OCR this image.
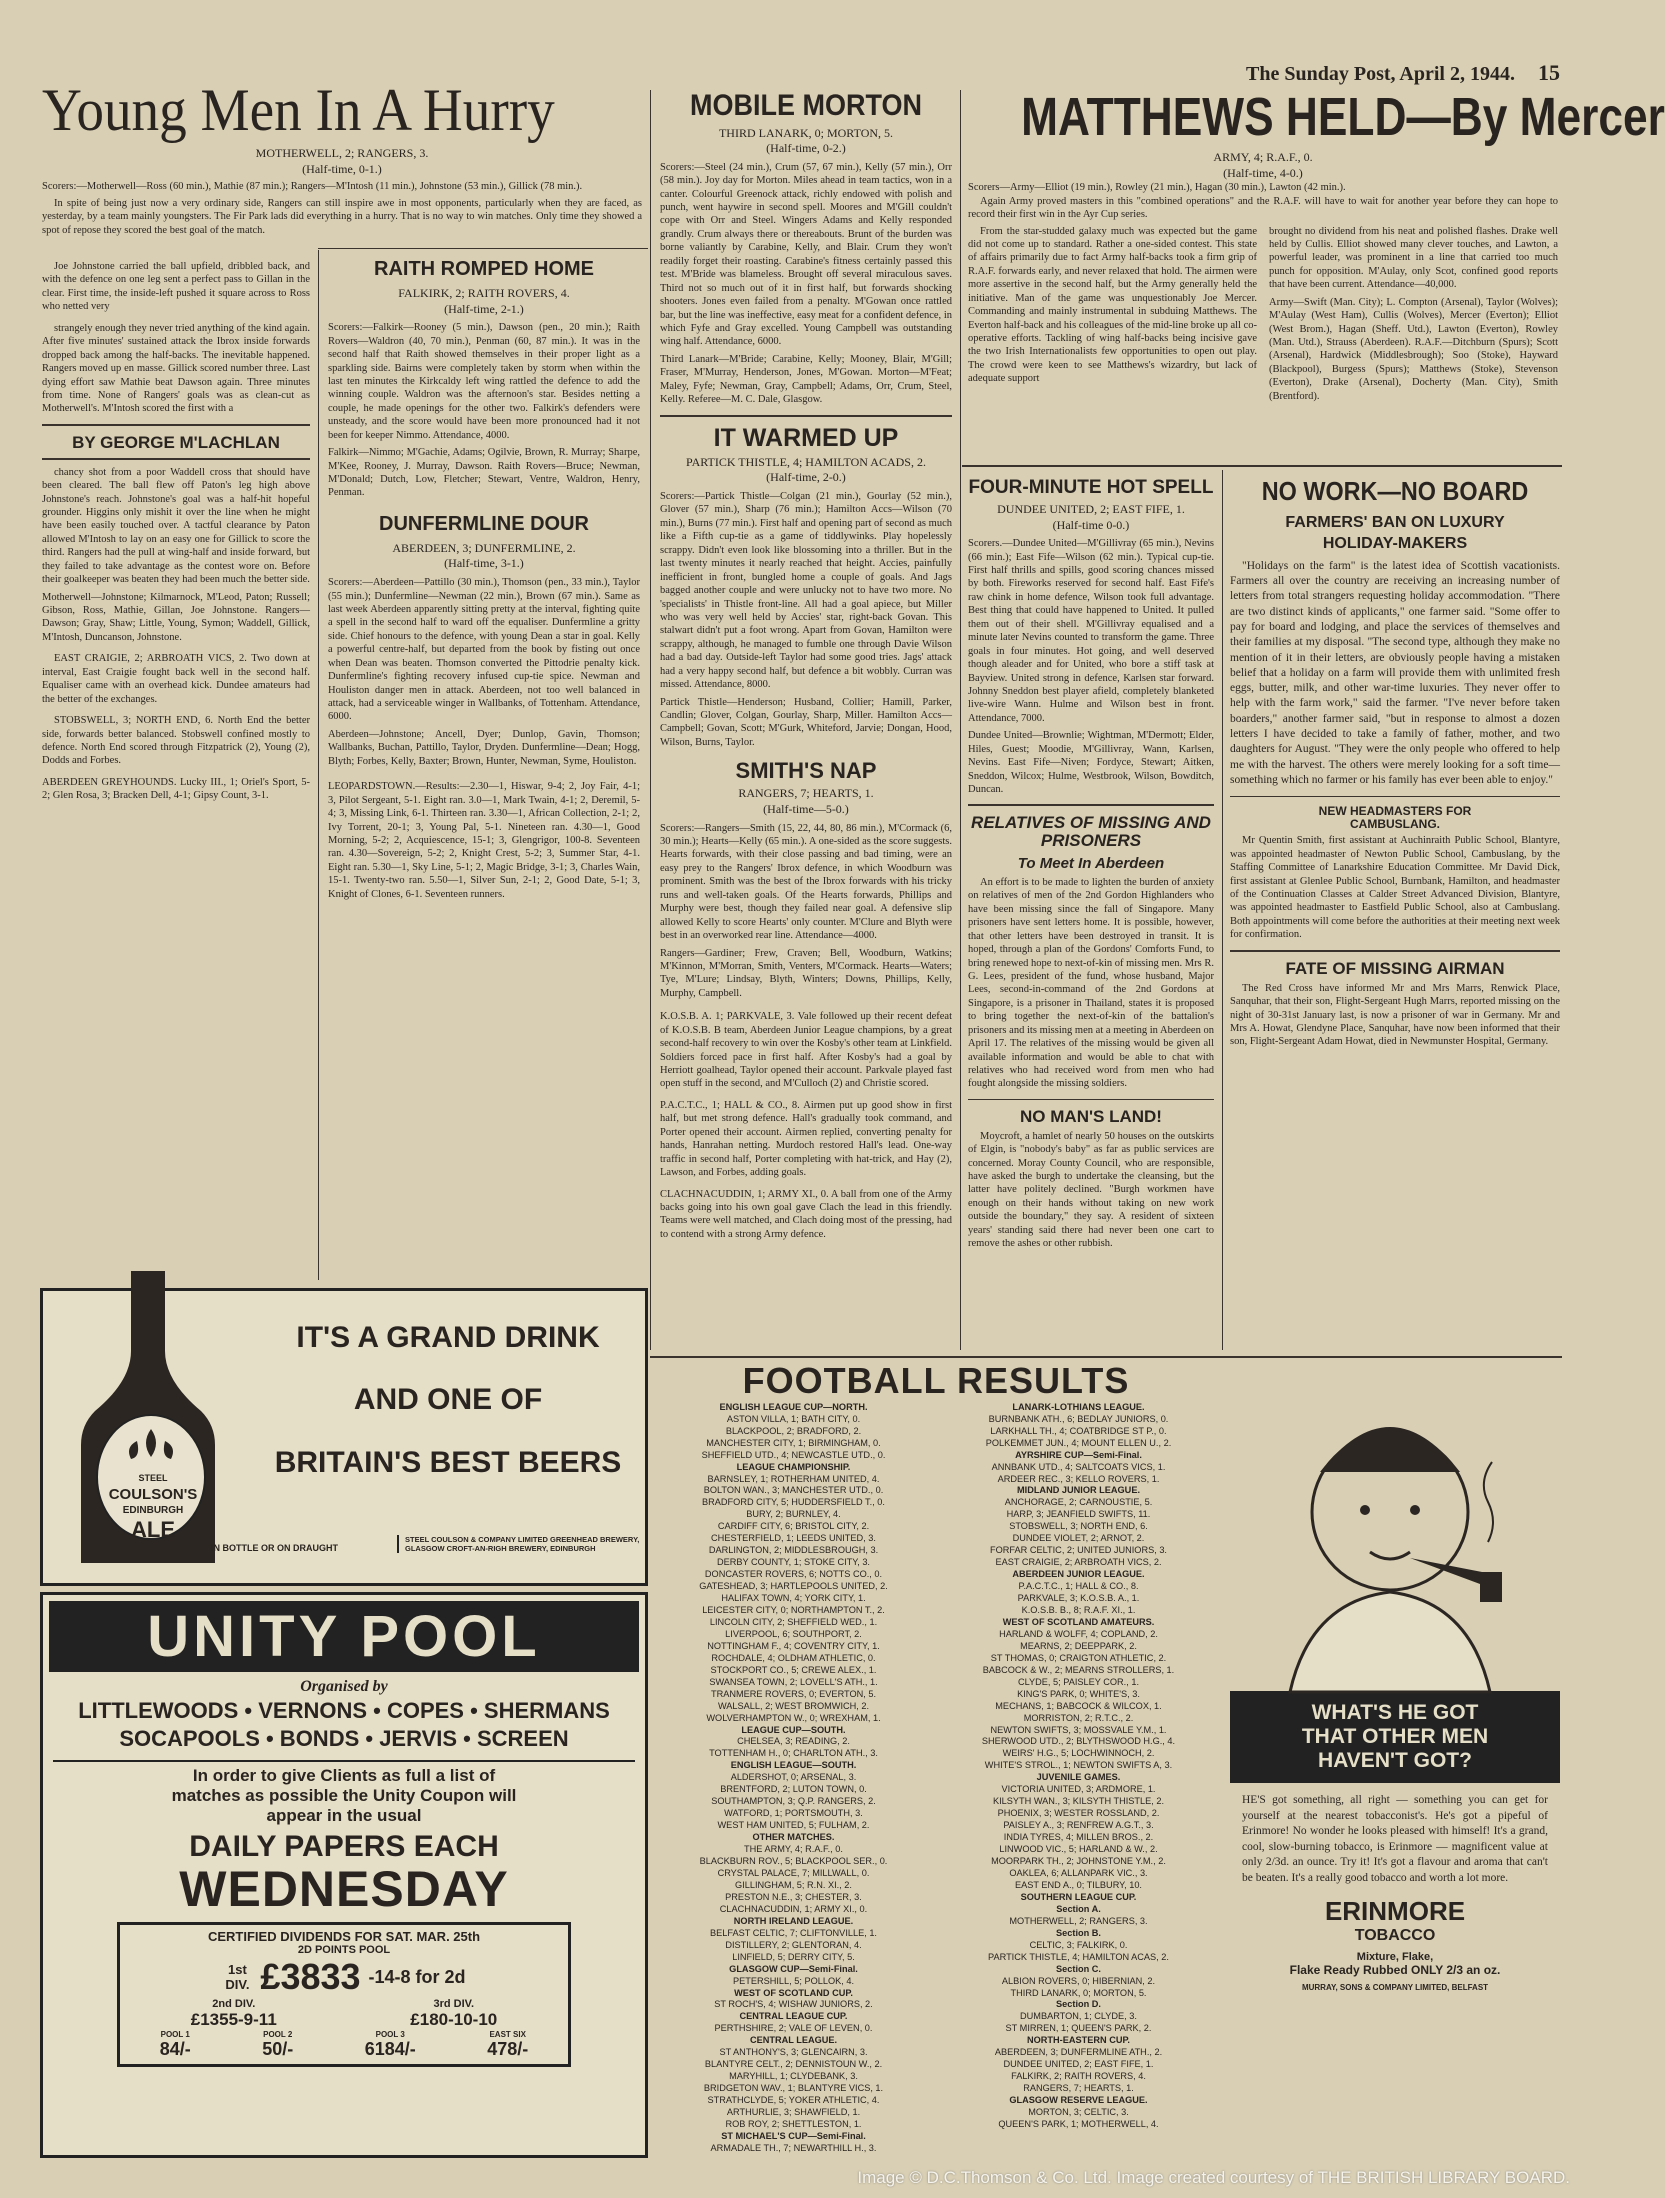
The Sunday Post, April 2, 1944. 15
Young Men In A Hurry
MOTHERWELL, 2; RANGERS, 3.
(Half-time, 0-1.)
Scorers:—Motherwell—Ross (60 min.), Mathie (87 min.); Rangers—M'Intosh (11 min.), Johnstone (53 min.), Gillick (78 min.).
In spite of being just now a very ordinary side, Rangers can still inspire awe in most opponents, particularly when they are faced, as yesterday, by a team mainly youngsters. The Fir Park lads did everything in a hurry. That is no way to win matches. Only time they showed a spot of repose they scored the best goal of the match.
Joe Johnstone carried the ball upfield, dribbled back, and with the defence on one leg sent a perfect pass to Gillan in the clear. First time, the inside-left pushed it square across to Ross who netted very
strangely enough they never tried anything of the kind again. After five minutes' sustained attack the Ibrox inside forwards dropped back among the half-backs. The inevitable happened. Rangers moved up en masse. Gillick scored number three. Last dying effort saw Mathie beat Dawson again. Three minutes from time. None of Rangers' goals was as clean-cut as Motherwell's. M'Intosh scored the first with a
BY GEORGE M'LACHLAN
chancy shot from a poor Waddell cross that should have been cleared. The ball flew off Paton's leg high above Johnstone's reach. Johnstone's goal was a half-hit hopeful grounder. Higgins only mishit it over the line when he might have been easily touched over. A tactful clearance by Paton allowed M'Intosh to lay on an easy one for Gillick to score the third. Rangers had the pull at wing-half and inside forward, but they failed to take advantage as the contest wore on. Before their goalkeeper was beaten they had been much the better side.
Motherwell—Johnstone; Kilmarnock, M'Leod, Paton; Russell; Gibson, Ross, Mathie, Gillan, Joe Johnstone. Rangers—Dawson; Gray, Shaw; Little, Young, Symon; Waddell, Gillick, M'Intosh, Duncanson, Johnstone.
EAST CRAIGIE, 2; ARBROATH VICS, 2. Two down at interval, East Craigie fought back well in the second half. Equaliser came with an overhead kick. Dundee amateurs had the better of the exchanges.
STOBSWELL, 3; NORTH END, 6. North End the better side, forwards better balanced. Stobswell confined mostly to defence. North End scored through Fitzpatrick (2), Young (2), Dodds and Forbes.
ABERDEEN GREYHOUNDS. Lucky III., 1; Oriel's Sport, 5-2; Glen Rosa, 3; Bracken Dell, 4-1; Gipsy Count, 3-1.
RAITH ROMPED HOME
FALKIRK, 2; RAITH ROVERS, 4.
(Half-time, 2-1.)
Scorers:—Falkirk—Rooney (5 min.), Dawson (pen., 20 min.); Raith Rovers—Waldron (40, 70 min.), Penman (60, 87 min.). It was in the second half that Raith showed themselves in their proper light as a sparkling side. Bairns were completely taken by storm when within the last ten minutes the Kirkcaldy left wing rattled the defence to add the winning couple. Waldron was the afternoon's star. Besides netting a couple, he made openings for the other two. Falkirk's defenders were unsteady, and the score would have been more pronounced had it not been for keeper Nimmo. Attendance, 4000.
Falkirk—Nimmo; M'Gachie, Adams; Ogilvie, Brown, R. Murray; Sharpe, M'Kee, Rooney, J. Murray, Dawson. Raith Rovers—Bruce; Newman, M'Donald; Dutch, Low, Fletcher; Stewart, Ventre, Waldron, Henry, Penman.
DUNFERMLINE DOUR
ABERDEEN, 3; DUNFERMLINE, 2.
(Half-time, 3-1.)
Scorers:—Aberdeen—Pattillo (30 min.), Thomson (pen., 33 min.), Taylor (55 min.); Dunfermline—Newman (22 min.), Brown (67 min.). Same as last week Aberdeen apparently sitting pretty at the interval, fighting quite a spell in the second half to ward off the equaliser. Dunfermline a gritty side. Chief honours to the defence, with young Dean a star in goal. Kelly a powerful centre-half, but departed from the book by fisting out once when Dean was beaten. Thomson converted the Pittodrie penalty kick. Dunfermline's fighting recovery infused cup-tie spice. Newman and Houliston danger men in attack. Aberdeen, not too well balanced in attack, had a serviceable winger in Wallbanks, of Tottenham. Attendance, 6000.
Aberdeen—Johnstone; Ancell, Dyer; Dunlop, Gavin, Thomson; Wallbanks, Buchan, Pattillo, Taylor, Dryden. Dunfermline—Dean; Hogg, Blyth; Forbes, Kelly, Baxter; Brown, Hunter, Newman, Syme, Houliston.
LEOPARDSTOWN.—Results:—2.30—1, Hiswar, 9-4; 2, Joy Fair, 4-1; 3, Pilot Sergeant, 5-1. Eight ran. 3.0—1, Mark Twain, 4-1; 2, Deremil, 5-4; 3, Missing Link, 6-1. Thirteen ran. 3.30—1, African Collection, 2-1; 2, Ivy Torrent, 20-1; 3, Young Pal, 5-1. Nineteen ran. 4.30—1, Good Morning, 5-2; 2, Acquiescence, 15-1; 3, Glengrigor, 100-8. Seventeen ran. 4.30—Sovereign, 5-2; 2, Knight Crest, 5-2; 3, Summer Star, 4-1. Eight ran. 5.30—1, Sky Line, 5-1; 2, Magic Bridge, 3-1; 3, Charles Wain, 15-1. Twenty-two ran. 5.50—1, Silver Sun, 2-1; 2, Good Date, 5-1; 3, Knight of Clones, 6-1. Seventeen runners.
MOBILE MORTON
THIRD LANARK, 0; MORTON, 5.
(Half-time, 0-2.)
Scorers:—Steel (24 min.), Crum (57, 67 min.), Kelly (57 min.), Orr (58 min.). Joy day for Morton. Miles ahead in team tactics, won in a canter. Colourful Greenock attack, richly endowed with polish and punch, went haywire in second spell. Moores and M'Gill couldn't cope with Orr and Steel. Wingers Adams and Kelly responded grandly. Crum always there or thereabouts. Brunt of the burden was borne valiantly by Carabine, Kelly, and Blair. Crum they won't readily forget their roasting. Carabine's fitness certainly passed this test. M'Bride was blameless. Brought off several miraculous saves. Third not so much out of it in first half, but forwards shocking shooters. Jones even failed from a penalty. M'Gowan once rattled bar, but the line was ineffective, easy meat for a confident defence, in which Fyfe and Gray excelled. Young Campbell was outstanding wing half. Attendance, 6000.
Third Lanark—M'Bride; Carabine, Kelly; Mooney, Blair, M'Gill; Fraser, M'Murray, Henderson, Jones, M'Gowan. Morton—M'Feat; Maley, Fyfe; Newman, Gray, Campbell; Adams, Orr, Crum, Steel, Kelly. Referee—M. C. Dale, Glasgow.
IT WARMED UP
PARTICK THISTLE, 4; HAMILTON ACADS, 2.
(Half-time, 2-0.)
Scorers:—Partick Thistle—Colgan (21 min.), Gourlay (52 min.), Glover (57 min.), Sharp (76 min.); Hamilton Accs—Wilson (70 min.), Burns (77 min.). First half and opening part of second as much like a Fifth cup-tie as a game of tiddlywinks. Play hopelessly scrappy. Didn't even look like blossoming into a thriller. But in the last twenty minutes it nearly reached that height. Accies, painfully inefficient in front, bungled home a couple of goals. And Jags bagged another couple and were unlucky not to have two more. No 'specialists' in Thistle front-line. All had a goal apiece, but Miller who was very well held by Accies' star, right-back Govan. This stalwart didn't put a foot wrong. Apart from Govan, Hamilton were scrappy, although, he managed to fumble one through Davie Wilson had a bad day. Outside-left Taylor had some good tries. Jags' attack had a very happy second half, but defence a bit wobbly. Curran was missed. Attendance, 8000.
Partick Thistle—Henderson; Husband, Collier; Hamill, Parker, Candlin; Glover, Colgan, Gourlay, Sharp, Miller. Hamilton Accs—Campbell; Govan, Scott; M'Gurk, Whiteford, Jarvie; Dongan, Hood, Wilson, Burns, Taylor.
SMITH'S NAP
RANGERS, 7; HEARTS, 1.
(Half-time—5-0.)
Scorers:—Rangers—Smith (15, 22, 44, 80, 86 min.), M'Cormack (6, 30 min.); Hearts—Kelly (65 min.). A one-sided as the score suggests. Hearts forwards, with their close passing and bad timing, were an easy prey to the Rangers' Ibrox defence, in which Woodburn was prominent. Smith was the best of the Ibrox forwards with his tricky runs and well-taken goals. Of the Hearts forwards, Phillips and Murphy were best, though they failed near goal. A defensive slip allowed Kelly to score Hearts' only counter. M'Clure and Blyth were best in an overworked rear line. Attendance—4000.
Rangers—Gardiner; Frew, Craven; Bell, Woodburn, Watkins; M'Kinnon, M'Morran, Smith, Venters, M'Cormack. Hearts—Waters; Tye, M'Lure; Lindsay, Blyth, Winters; Downs, Phillips, Kelly, Murphy, Campbell.
K.O.S.B. A. 1; PARKVALE, 3. Vale followed up their recent defeat of K.O.S.B. B team, Aberdeen Junior League champions, by a great second-half recovery to win over the Kosby's other team at Linkfield. Soldiers forced pace in first half. After Kosby's had a goal by Herriott goalhead, Taylor opened their account. Parkvale played fast open stuff in the second, and M'Culloch (2) and Christie scored.
P.A.C.T.C., 1; HALL & CO., 8. Airmen put up good show in first half, but met strong defence. Hall's gradually took command, and Porter opened their account. Airmen replied, converting penalty for hands, Hanrahan netting. Murdoch restored Hall's lead. One-way traffic in second half, Porter completing with hat-trick, and Hay (2), Lawson, and Forbes, adding goals.
CLACHNACUDDIN, 1; ARMY XI., 0. A ball from one of the Army backs going into his own goal gave Clach the lead in this friendly. Teams were well matched, and Clach doing most of the pressing, had to contend with a strong Army defence.
MATTHEWS HELD—By Mercer
ARMY, 4; R.A.F., 0.
(Half-time, 4-0.)
Scorers—Army—Elliot (19 min.), Rowley (21 min.), Hagan (30 min.), Lawton (42 min.).
Again Army proved masters in this "combined operations" and the R.A.F. will have to wait for another year before they can hope to record their first win in the Ayr Cup series.
From the star-studded galaxy much was expected but the game did not come up to standard. Rather a one-sided contest. This state of affairs primarily due to fact Army half-backs took a firm grip of R.A.F. forwards early, and never relaxed that hold. The airmen were more assertive in the second half, but the Army generally held the initiative. Man of the game was unquestionably Joe Mercer. Commanding and mainly instrumental in subduing Matthews. The Everton half-back and his colleagues of the mid-line broke up all co-operative efforts. Tackling of wing half-backs being incisive gave the two Irish Internationalists few opportunities to open out play. The crowd were keen to see Matthews's wizardry, but lack of adequate support
brought no dividend from his neat and polished flashes. Drake well held by Cullis. Elliot showed many clever touches, and Lawton, a powerful leader, was prominent in a line that carried too much punch for opposition. M'Aulay, only Scot, confined good reports that have been current. Attendance—40,000.
Army—Swift (Man. City); L. Compton (Arsenal), Taylor (Wolves); M'Aulay (West Ham), Cullis (Wolves), Mercer (Everton); Elliot (West Brom.), Hagan (Sheff. Utd.), Lawton (Everton), Rowley (Man. Utd.), Strauss (Aberdeen). R.A.F.—Ditchburn (Spurs); Scott (Arsenal), Hardwick (Middlesbrough); Soo (Stoke), Hayward (Blackpool), Burgess (Spurs); Matthews (Stoke), Stevenson (Everton), Drake (Arsenal), Docherty (Man. City), Smith (Brentford).
FOUR-MINUTE HOT SPELL
DUNDEE UNITED, 2; EAST FIFE, 1.
(Half-time 0-0.)
Scorers.—Dundee United—M'Gillivray (65 min.), Nevins (66 min.); East Fife—Wilson (62 min.). Typical cup-tie. First half thrills and spills, good scoring chances missed by both. Fireworks reserved for second half. East Fife's raw chink in home defence, Wilson took full advantage. Best thing that could have happened to United. It pulled them out of their shell. M'Gillivray equalised and a minute later Nevins counted to transform the game. Three goals in four minutes. Hot going, and well deserved though aleader and for United, who bore a stiff task at Bayview. United strong in defence, Karlsen star forward. Johnny Sneddon best player afield, completely blanketed live-wire Wann. Hulme and Wilson best in front. Attendance, 7000.
Dundee United—Brownlie; Wightman, M'Dermott; Elder, Hiles, Guest; Moodie, M'Gillivray, Wann, Karlsen, Nevins. East Fife—Niven; Fordyce, Stewart; Aitken, Sneddon, Wilcox; Hulme, Westbrook, Wilson, Bowditch, Duncan.
RELATIVES OF MISSING AND
PRISONERS
To Meet In Aberdeen
An effort is to be made to lighten the burden of anxiety on relatives of men of the 2nd Gordon Highlanders who have been missing since the fall of Singapore. Many prisoners have sent letters home. It is possible, however, that other letters have been destroyed in transit. It is hoped, through a plan of the Gordons' Comforts Fund, to bring renewed hope to next-of-kin of missing men. Mrs R. G. Lees, president of the fund, whose husband, Major Lees, second-in-command of the 2nd Gordons at Singapore, is a prisoner in Thailand, states it is proposed to bring together the next-of-kin of the battalion's prisoners and its missing men at a meeting in Aberdeen on April 17. The relatives of the missing would be given all available information and would be able to chat with relatives who had received word from men who had fought alongside the missing soldiers.
NO MAN'S LAND!
Moycroft, a hamlet of nearly 50 houses on the outskirts of Elgin, is "nobody's baby" as far as public services are concerned. Moray County Council, who are responsible, have asked the burgh to undertake the cleansing, but the latter have politely declined. "Burgh workmen have enough on their hands without taking on new work outside the boundary," they say. A resident of sixteen years' standing said there had never been one cart to remove the ashes or other rubbish.
NO WORK—NO BOARD
FARMERS' BAN ON LUXURY
HOLIDAY-MAKERS
"Holidays on the farm" is the latest idea of Scottish vacationists. Farmers all over the country are receiving an increasing number of letters from total strangers requesting holiday accommodation. "There are two distinct kinds of applicants," one farmer said. "Some offer to pay for board and lodging, and place the services of themselves and their families at my disposal. "The second type, although they make no mention of it in their letters, are obviously people having a mistaken belief that a holiday on a farm will provide them with unlimited fresh eggs, butter, milk, and other war-time luxuries. They never offer to help with the farm work," said the farmer. "I've never before taken boarders," another farmer said, "but in response to almost a dozen letters I have decided to take a family of father, mother, and two daughters for August. "They were the only people who offered to help me with the harvest. The others were merely looking for a soft time—something which no farmer or his family has ever been able to enjoy."
NEW HEADMASTERS FOR
CAMBUSLANG.
Mr Quentin Smith, first assistant at Auchinraith Public School, Blantyre, was appointed headmaster of Newton Public School, Cambuslang, by the Staffing Committee of Lanarkshire Education Committee. Mr David Dick, first assistant at Glenlee Public School, Burnbank, Hamilton, and headmaster of the Continuation Classes at Calder Street Advanced Division, Blantyre, was appointed headmaster to Eastfield Public School, also at Cambuslang. Both appointments will come before the authorities at their meeting next week for confirmation.
FATE OF MISSING AIRMAN
The Red Cross have informed Mr and Mrs Marrs, Renwick Place, Sanquhar, that their son, Flight-Sergeant Hugh Marrs, reported missing on the night of 30-31st January last, is now a prisoner of war in Germany. Mr and Mrs A. Howat, Glendyne Place, Sanquhar, have now been informed that their son, Flight-Sergeant Adam Howat, died in Newmunster Hospital, Germany.
STEEL
COULSON'S
EDINBURGH
ALE
IT'S A GRAND DRINK
AND ONE OF
BRITAIN'S BEST BEERS
IN BOTTLE OR ON DRAUGHT
STEEL COULSON & COMPANY LIMITED GREENHEAD BREWERY, GLASGOW CROFT-AN-RIGH BREWERY, EDINBURGH
UNITY POOL
Organised by
LITTLEWOODS • VERNONS • COPES • SHERMANS
SOCAPOOLS • BONDS • JERVIS • SCREEN
In order to give Clients as full a list of
matches as possible the Unity Coupon will
appear in the usual
DAILY PAPERS EACH
WEDNESDAY
CERTIFIED DIVIDENDS FOR SAT. MAR. 25th
2D POINTS POOL
1st DIV. £3833 -14-8 for 2d
2nd DIV.
£1355-9-11
3rd DIV.
£180-10-10
POOL 1
84/-
POOL 2
50/-
POOL 3
6184/-
EAST SIX
478/-
FOOTBALL RESULTS
ENGLISH LEAGUE CUP—NORTH.
ASTON VILLA, 1; BATH CITY, 0.
BLACKPOOL, 2; BRADFORD, 2.
MANCHESTER CITY, 1; BIRMINGHAM, 0.
SHEFFIELD UTD., 4; NEWCASTLE UTD., 0.
LEAGUE CHAMPIONSHIP.
BARNSLEY, 1; ROTHERHAM UNITED, 4.
BOLTON WAN., 3; MANCHESTER UTD., 0.
BRADFORD CITY, 5; HUDDERSFIELD T., 0.
BURY, 2; BURNLEY, 4.
CARDIFF CITY, 6; BRISTOL CITY, 2.
CHESTERFIELD, 1; LEEDS UNITED, 3.
DARLINGTON, 2; MIDDLESBROUGH, 3.
DERBY COUNTY, 1; STOKE CITY, 3.
DONCASTER ROVERS, 6; NOTTS CO., 0.
GATESHEAD, 3; HARTLEPOOLS UNITED, 2.
HALIFAX TOWN, 4; YORK CITY, 1.
LEICESTER CITY, 0; NORTHAMPTON T., 2.
LINCOLN CITY, 2; SHEFFIELD WED., 1.
LIVERPOOL, 6; SOUTHPORT, 2.
NOTTINGHAM F., 4; COVENTRY CITY, 1.
ROCHDALE, 4; OLDHAM ATHLETIC, 0.
STOCKPORT CO., 5; CREWE ALEX., 1.
SWANSEA TOWN, 2; LOVELL'S ATH., 1.
TRANMERE ROVERS, 0; EVERTON, 5.
WALSALL, 2; WEST BROMWICH, 2.
WOLVERHAMPTON W., 0; WREXHAM, 1.
LEAGUE CUP—SOUTH.
CHELSEA, 3; READING, 2.
TOTTENHAM H., 0; CHARLTON ATH., 3.
ENGLISH LEAGUE—SOUTH.
ALDERSHOT, 0; ARSENAL, 3.
BRENTFORD, 2; LUTON TOWN, 0.
SOUTHAMPTON, 3; Q.P. RANGERS, 2.
WATFORD, 1; PORTSMOUTH, 3.
WEST HAM UNITED, 5; FULHAM, 2.
OTHER MATCHES.
THE ARMY, 4; R.A.F., 0.
BLACKBURN ROV., 5; BLACKPOOL SER., 0.
CRYSTAL PALACE, 7; MILLWALL, 0.
GILLINGHAM, 5; R.N. XI., 2.
PRESTON N.E., 3; CHESTER, 3.
CLACHNACUDDIN, 1; ARMY XI., 0.
NORTH IRELAND LEAGUE.
BELFAST CELTIC, 7; CLIFTONVILLE, 1.
DISTILLERY, 2; GLENTORAN, 4.
LINFIELD, 5; DERRY CITY, 5.
GLASGOW CUP—Semi-Final.
PETERSHILL, 5; POLLOK, 4.
WEST OF SCOTLAND CUP.
ST ROCH'S, 4; WISHAW JUNIORS, 2.
CENTRAL LEAGUE CUP.
PERTHSHIRE, 2; VALE OF LEVEN, 0.
CENTRAL LEAGUE.
ST ANTHONY'S, 3; GLENCAIRN, 3.
BLANTYRE CELT., 2; DENNISTOUN W., 2.
MARYHILL, 1; CLYDEBANK, 3.
BRIDGETON WAV., 1; BLANTYRE VICS, 1.
STRATHCLYDE, 5; YOKER ATHLETIC, 4.
ARTHURLIE, 3; SHAWFIELD, 1.
ROB ROY, 2; SHETTLESTON, 1.
ST MICHAEL'S CUP—Semi-Final.
ARMADALE TH., 7; NEWARTHILL H., 3.
LANARK-LOTHIANS LEAGUE.
BURNBANK ATH., 6; BEDLAY JUNIORS, 0.
LARKHALL TH., 4; COATBRIDGE ST P., 0.
POLKEMMET JUN., 4; MOUNT ELLEN U., 2.
AYRSHIRE CUP—Semi-Final.
ANNBANK UTD., 4; SALTCOATS VICS, 1.
ARDEER REC., 3; KELLO ROVERS, 1.
MIDLAND JUNIOR LEAGUE.
ANCHORAGE, 2; CARNOUSTIE, 5.
HARP, 3; JEANFIELD SWIFTS, 11.
STOBSWELL, 3; NORTH END, 6.
DUNDEE VIOLET, 2; ARNOT, 2.
FORFAR CELTIC, 2; UNITED JUNIORS, 3.
EAST CRAIGIE, 2; ARBROATH VICS, 2.
ABERDEEN JUNIOR LEAGUE.
P.A.C.T.C., 1; HALL & CO., 8.
PARKVALE, 3; K.O.S.B. A., 1.
K.O.S.B. B., 8; R.A.F. XI., 1.
WEST OF SCOTLAND AMATEURS.
HARLAND & WOLFF, 4; COPLAND, 2.
MEARNS, 2; DEEPPARK, 2.
ST THOMAS, 0; CRAIGTON ATHLETIC, 2.
BABCOCK & W., 2; MEARNS STROLLERS, 1.
CLYDE, 5; PAISLEY COR., 1.
KING'S PARK, 0; WHITE'S, 3.
MECHANS, 1; BABCOCK & WILCOX, 1.
MORRISTON, 2; R.T.C., 2.
NEWTON SWIFTS, 3; MOSSVALE Y.M., 1.
SHERWOOD UTD., 2; BLYTHSWOOD H.G., 4.
WEIRS' H.G., 5; LOCHWINNOCH, 2.
WHITE'S STROL., 1; NEWTON SWIFTS A, 3.
JUVENILE GAMES.
VICTORIA UNITED, 3; ARDMORE, 1.
KILSYTH WAN., 3; KILSYTH THISTLE, 2.
PHOENIX, 3; WESTER ROSSLAND, 2.
PAISLEY A., 3; RENFREW A.G.T., 3.
INDIA TYRES, 4; MILLEN BROS., 2.
LINWOOD VIC., 5; HARLAND & W., 2.
MOORPARK TH., 2; JOHNSTONE Y.M., 2.
OAKLEA, 6; ALLANPARK VIC., 3.
EAST END A., 0; TILBURY, 10.
SOUTHERN LEAGUE CUP.
Section A.
MOTHERWELL, 2; RANGERS, 3.
Section B.
CELTIC, 3; FALKIRK, 0.
PARTICK THISTLE, 4; HAMILTON ACAS, 2.
Section C.
ALBION ROVERS, 0; HIBERNIAN, 2.
THIRD LANARK, 0; MORTON, 5.
Section D.
DUMBARTON, 1; CLYDE, 3.
ST MIRREN, 1; QUEEN'S PARK, 2.
NORTH-EASTERN CUP.
ABERDEEN, 3; DUNFERMLINE ATH., 2.
DUNDEE UNITED, 2; EAST FIFE, 1.
FALKIRK, 2; RAITH ROVERS, 4.
RANGERS, 7; HEARTS, 1.
GLASGOW RESERVE LEAGUE.
MORTON, 3; CELTIC, 3.
QUEEN'S PARK, 1; MOTHERWELL, 4.
WHAT'S HE GOT
THAT OTHER MEN
HAVEN'T GOT?
HE'S got something, all right — something you can get for yourself at the nearest tobacconist's. He's got a pipeful of Erinmore! No wonder he looks pleased with himself! It's a grand, cool, slow-burning tobacco, is Erinmore — magnificent value at only 2/3d. an ounce. Try it! It's got a flavour and aroma that can't be beaten. It's a really good tobacco and worth a lot more.
ERINMORE
TOBACCO
Mixture, Flake,
Flake Ready Rubbed ONLY 2/3 an oz.
MURRAY, SONS & COMPANY LIMITED, BELFAST
Image © D.C.Thomson & Co. Ltd. Image created courtesy of THE BRITISH LIBRARY BOARD.
